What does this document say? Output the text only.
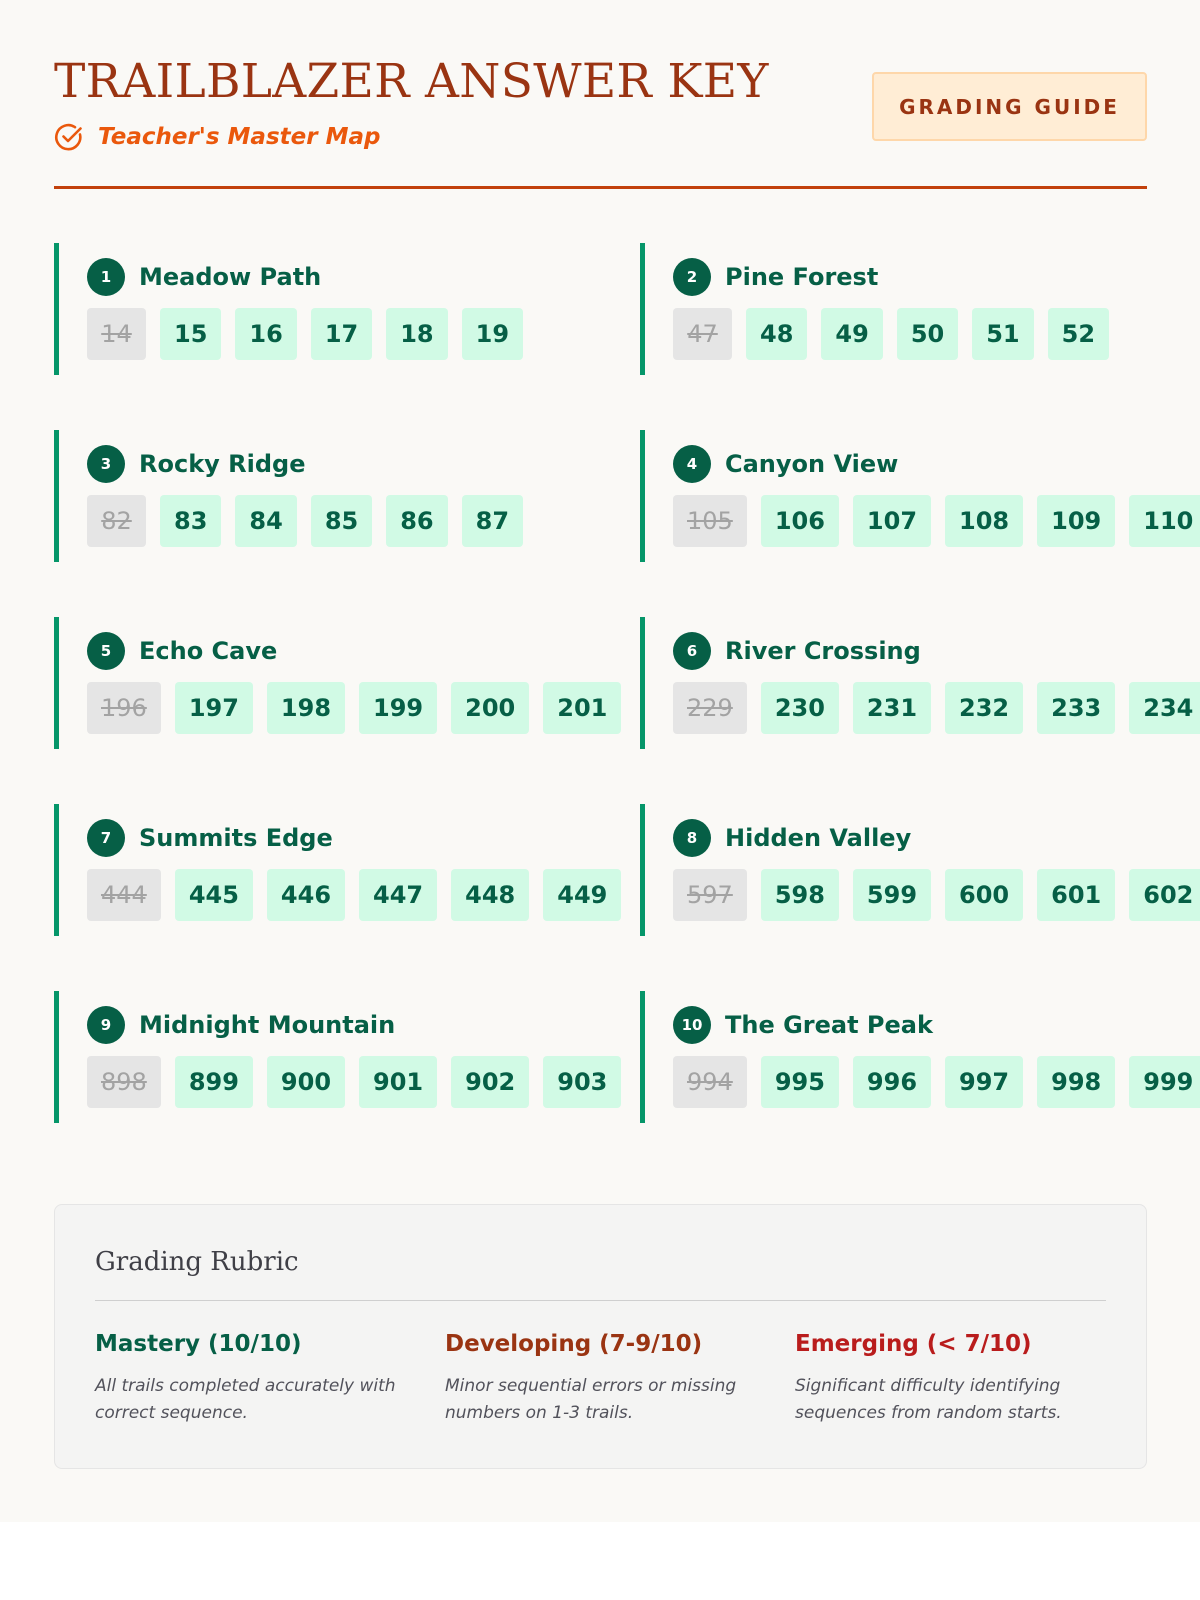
TRAILBLAZER ANSWER KEY
Teacher's Master Map
GRADING GUIDE
1	Meadow Path
14	15	16	17	18	19
2	Pine Forest
47	48	49	50	51	52
3	Rocky Ridge
82	83	84	85	86	87
4	Canyon View
105	106	107	108	109	110
5	Echo Cave
196	197	198	199	200	201
6	River Crossing
229	230	231	232	233	234
7	Summits Edge
444	445	446	447	448	449
8	Hidden Valley
597	598	599	600	601	602
9	Midnight Mountain
898	899	900	901	902	903
10 The Great Peak
994	995	996	997	998	999
Grading Rubric
Mastery (10/10)
All trails completed accurately with correct sequence.
Developing (7-9/10)
Minor sequential errors or missing numbers on 1-3 trails.
Emerging (< 7/10)
Significant difficulty identifying sequences from random starts.
